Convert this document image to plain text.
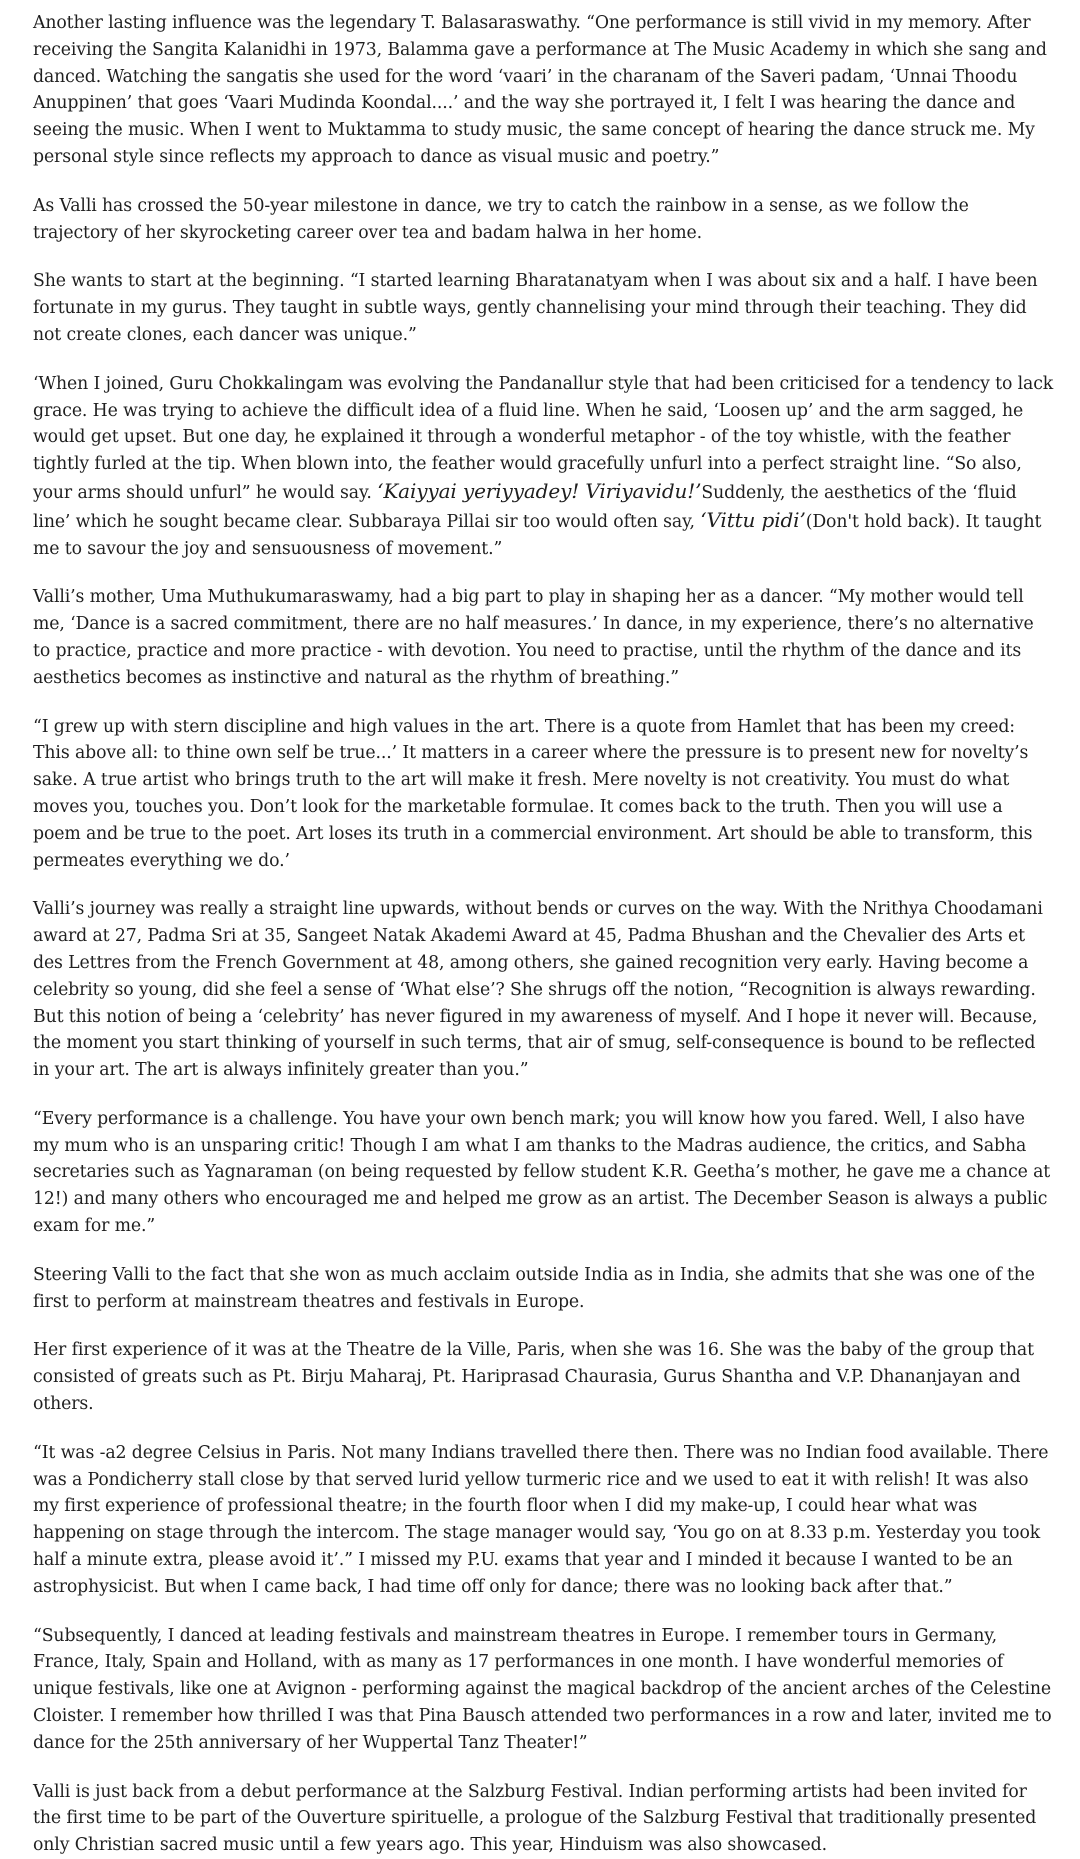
Another lasting influence was the legendary T. Balasaraswathy. “One performance is still vivid in my memory. After receiving the Sangita Kalanidhi in 1973, Balamma gave a performance at The Music Academy in which she sang and danced. Watching the sangatis she used for the word ‘vaari’ in the charanam of the Saveri padam, ‘Unnai Thoodu Anuppinen’ that goes ‘Vaari Mudinda Koondal....’ and the way she portrayed it, I felt I was hearing the dance and seeing the music. When I went to Muktamma to study music, the same concept of hearing the dance struck me. My personal style since reflects my approach to dance as visual music and poetry.”

As Valli has crossed the 50-year milestone in dance, we try to catch the rainbow in a sense, as we follow the trajectory of her skyrocketing career over tea and badam halwa in her home.

She wants to start at the beginning. “I started learning Bharatanatyam when I was about six and a half. I have been fortunate in my gurus. They taught in subtle ways, gently channelising your mind through their teaching. They did not create clones, each dancer was unique.”

‘When I joined, Guru Chokkalingam was evolving the Pandanallur style that had been criticised for a tendency to lack grace. He was trying to achieve the difficult idea of a fluid line. When he said, ‘Loosen up’ and the arm sagged, he would get upset. But one day, he explained it through a wonderful metaphor - of the toy whistle, with the feather tightly furled at the tip. When blown into, the feather would gracefully unfurl into a perfect straight line. “So also, your arms should unfurl” he would say. ‘Kaiyyai yeriyyadey! Viriyavidu!’Suddenly, the aesthetics of the ‘fluid line’ which he sought became clear. Subbaraya Pillai sir too would often say, ‘Vittu pidi’(Don't hold back). It taught me to savour the joy and sensuousness of movement.”

Valli’s mother, Uma Muthukumaraswamy, had a big part to play in shaping her as a dancer. “My mother would tell me, ‘Dance is a sacred commitment, there are no half measures.’ In dance, in my experience, there’s no alternative to practice, practice and more practice - with devotion. You need to practise, until the rhythm of the dance and its aesthetics becomes as instinctive and natural as the rhythm of breathing.”

“I grew up with stern discipline and high values in the art. There is a quote from Hamlet that has been my creed: This above all: to thine own self be true...’ It matters in a career where the pressure is to present new for novelty’s sake. A true artist who brings truth to the art will make it fresh. Mere novelty is not creativity. You must do what moves you, touches you. Don’t look for the marketable formulae. It comes back to the truth. Then you will use a poem and be true to the poet. Art loses its truth in a commercial environment. Art should be able to transform, this permeates everything we do.’

Valli’s journey was really a straight line upwards, without bends or curves on the way. With the Nrithya Choodamani award at 27, Padma Sri at 35, Sangeet Natak Akademi Award at 45, Padma Bhushan and the Chevalier des Arts et des Lettres from the French Government at 48, among others, she gained recognition very early. Having become a celebrity so young, did she feel a sense of ‘What else’? She shrugs off the notion, “Recognition is always rewarding. But this notion of being a ‘celebrity’ has never figured in my awareness of myself. And I hope it never will. Because, the moment you start thinking of yourself in such terms, that air of smug, self-consequence is bound to be reflected in your art. The art is always infinitely greater than you.”

“Every performance is a challenge. You have your own bench mark; you will know how you fared. Well, I also have my mum who is an unsparing critic! Though I am what I am thanks to the Madras audience, the critics, and Sabha secretaries such as Yagnaraman (on being requested by fellow student K.R. Geetha’s mother, he gave me a chance at 12!) and many others who encouraged me and helped me grow as an artist. The December Season is always a public exam for me.”

Steering Valli to the fact that she won as much acclaim outside India as in India, she admits that she was one of the first to perform at mainstream theatres and festivals in Europe.

Her first experience of it was at the Theatre de la Ville, Paris, when she was 16. She was the baby of the group that consisted of greats such as Pt. Birju Maharaj, Pt. Hariprasad Chaurasia, Gurus Shantha and V.P. Dhananjayan and others.

“It was -a2 degree Celsius in Paris. Not many Indians travelled there then. There was no Indian food available. There was a Pondicherry stall close by that served lurid yellow turmeric rice and we used to eat it with relish! It was also my first experience of professional theatre; in the fourth floor when I did my make-up, I could hear what was happening on stage through the intercom. The stage manager would say, ‘You go on at 8.33 p.m. Yesterday you took half a minute extra, please avoid it’.” I missed my P.U. exams that year and I minded it because I wanted to be an astrophysicist. But when I came back, I had time off only for dance; there was no looking back after that.”

“Subsequently, I danced at leading festivals and mainstream theatres in Europe. I remember tours in Germany, France, Italy, Spain and Holland, with as many as 17 performances in one month. I have wonderful memories of unique festivals, like one at Avignon - performing against the magical backdrop of the ancient arches of the Celestine Cloister. I remember how thrilled I was that Pina Bausch attended two performances in a row and later, invited me to dance for the 25th anniversary of her Wuppertal Tanz Theater!”

Valli is just back from a debut performance at the Salzburg Festival. Indian performing artists had been invited for the first time to be part of the Ouverture spirituelle, a prologue of the Salzburg Festival that traditionally presented only Christian sacred music until a few years ago. This year, Hinduism was also showcased.
